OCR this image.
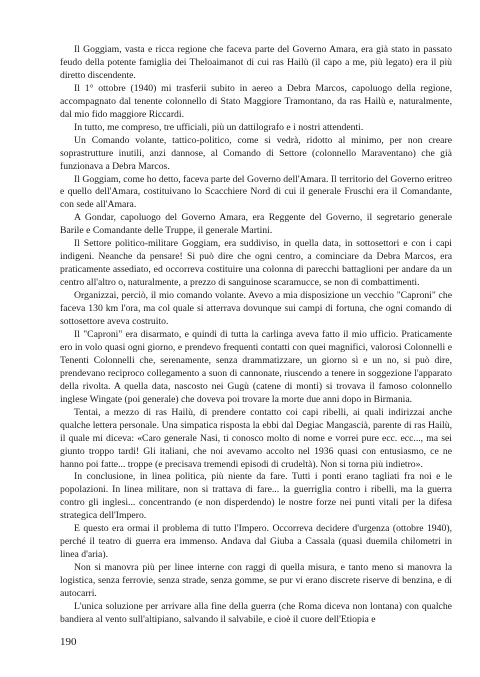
Il Goggiam, vasta e ricca regione che faceva parte del Governo Amara, era già stato in passato feudo della potente famiglia dei Theloaimanot di cui ras Hailù (il capo a me, più legato) era il più diretto discendente.

Il 1° ottobre (1940) mi trasferii subito in aereo a Debra Marcos, capoluogo della regione, accompagnato dal tenente colonnello di Stato Maggiore Tramontano, da ras Hailù e, naturalmente, dal mio fido maggiore Riccardi.

In tutto, me compreso, tre ufficiali, più un dattilografo e i nostri attendenti.

Un Comando volante, tattico-politico, come si vedrà, ridotto al minimo, per non creare soprastrutture inutili, anzi dannose, al Comando di Settore (colonnello Maraventano) che già funzionava a Debra Marcos.

Il Goggiam, come ho detto, faceva parte del Governo dell'Amara. Il territorio del Governo eritreo e quello dell'Amara, costituivano lo Scacchiere Nord di cui il generale Fruschi era il Comandante, con sede all'Amara.

A Gondar, capoluogo del Governo Amara, era Reggente del Governo, il segretario generale Barile e Comandante delle Truppe, il generale Martini.

Il Settore politico-militare Goggiam, era suddiviso, in quella data, in sottosettori e con i capi indigeni. Neanche da pensare! Si può dire che ogni centro, a cominciare da Debra Marcos, era praticamente assediato, ed occorreva costituire una colonna di parecchi battaglioni per andare da un centro all'altro o, naturalmente, a prezzo di sanguinose scaramucce, se non di combattimenti.

Organizzai, perciò, il mio comando volante. Avevo a mia disposizione un vecchio "Caproni" che faceva 130 km l'ora, ma col quale si atterrava dovunque sui campi di fortuna, che ogni comando di sottosettore aveva costruito.

Il "Caproni" era disarmato, e quindi di tutta la carlinga aveva fatto il mio ufficio. Praticamente ero in volo quasi ogni giorno, e prendevo frequenti contatti con quei magnifici, valorosi Colonnelli e Tenenti Colonnelli che, serenamente, senza drammatizzare, un giorno sì e un no, si può dire, prendevano reciproco collegamento a suon di cannonate, riuscendo a tenere in soggezione l'apparato della rivolta. A quella data, nascosto nei Gugù (catene di monti) si trovava il famoso colonnello inglese Wingate (poi generale) che doveva poi trovare la morte due anni dopo in Birmania.

Tentai, a mezzo di ras Hailù, di prendere contatto coi capi ribelli, ai quali indirizzai anche qualche lettera personale. Una simpatica risposta la ebbi dal Degiac Mangascià, parente di ras Hailù, il quale mi diceva: «Caro generale Nasi, ti conosco molto di nome e vorrei pure ecc. ecc..., ma sei giunto troppo tardi! Gli italiani, che noi avevamo accolto nel 1936 quasi con entusiasmo, ce ne hanno poi fatte... troppe (e precisava tremendi episodi di crudeltà). Non si torna più indietro».

In conclusione, in linea politica, più niente da fare. Tutti i ponti erano tagliati fra noi e le popolazioni. In linea militare, non si trattava di fare... la guerriglia contro i ribelli, ma la guerra contro gli inglesi... concentrando (e non disperdendo) le nostre forze nei punti vitali per la difesa strategica dell'Impero.

E questo era ormai il problema di tutto l'Impero. Occorreva decidere d'urgenza (ottobre 1940), perché il teatro di guerra era immenso. Andava dal Giuba a Cassala (quasi duemila chilometri in linea d'aria).

Non si manovra più per linee interne con raggi di quella misura, e tanto meno si manovra la logistica, senza ferrovie, senza strade, senza gomme, se pur vi erano discrete riserve di benzina, e di autocarri.

L'unica soluzione per arrivare alla fine della guerra (che Roma diceva non lontana) con qualche bandiera al vento sull'altipiano, salvando il salvabile, e cioè il cuore dell'Etiopia e

190
